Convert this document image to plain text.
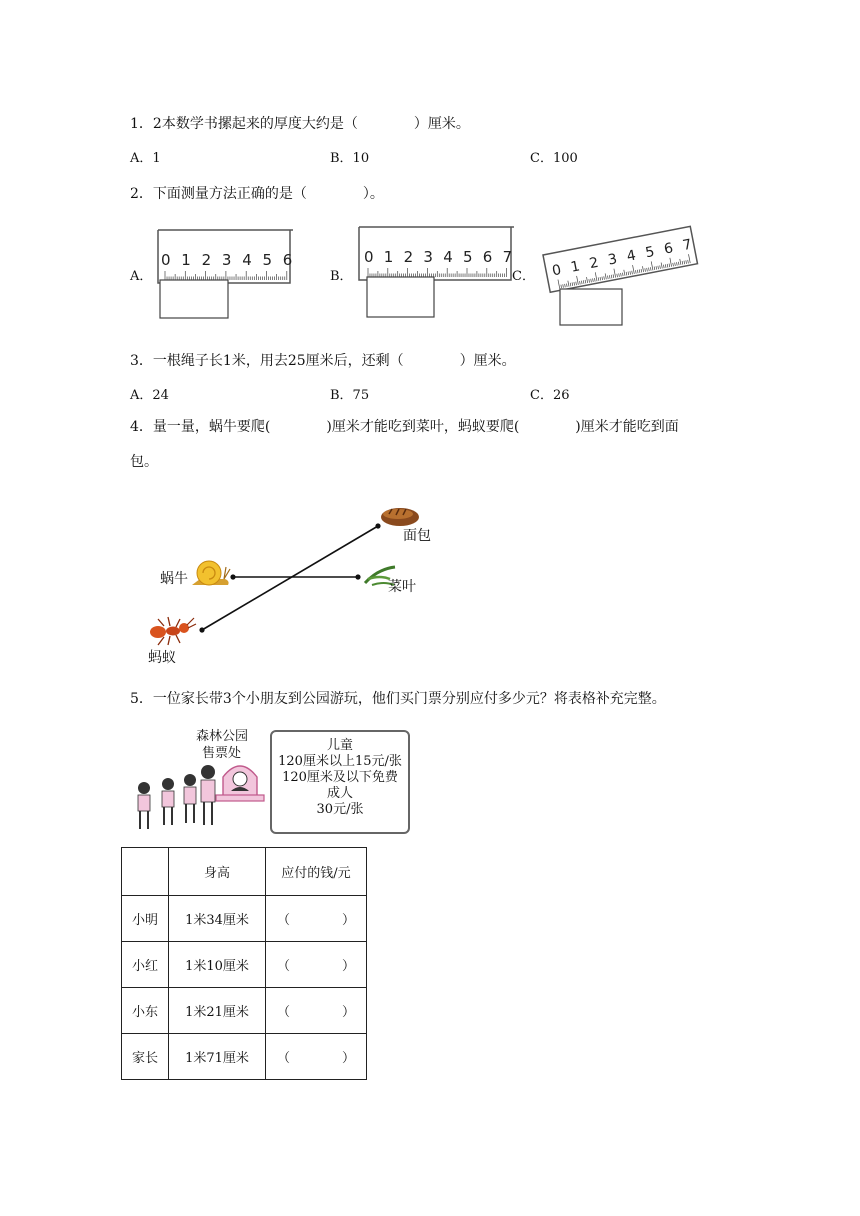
1．2本数学书摞起来的厚度大约是（　　　　）厘米。
A．1	B．10	C．100
2．下面测量方法正确的是（　　　　）。
A．
0 1 2 3 4 5 6
B．
0 1 2 3 4 5 6 7
C． 0 1 2 3 4 5 6 7
3．一根绳子长1米，用去25厘米后，还剩（　　　　）厘米。
A．24	B．75	C．26
4．量一量，蜗牛要爬(　　　　)厘米才能吃到菜叶，蚂蚁要爬(　　　　)厘米才能吃到面
包。
面包
蜗牛	菜叶
蚂蚁
5．一位家长带3个小朋友到公园游玩，他们买门票分别应付多少元？将表格补充完整。
森林公园
售票处
儿童
120厘米以上15元/张
120厘米及以下免费
成人
30元/张
	身高	应付的钱/元
小明	1米34厘米	（　　　　）
小红	1米10厘米	（　　　　）
小东	1米21厘米	（　　　　）
家长	1米71厘米	（　　　　）
